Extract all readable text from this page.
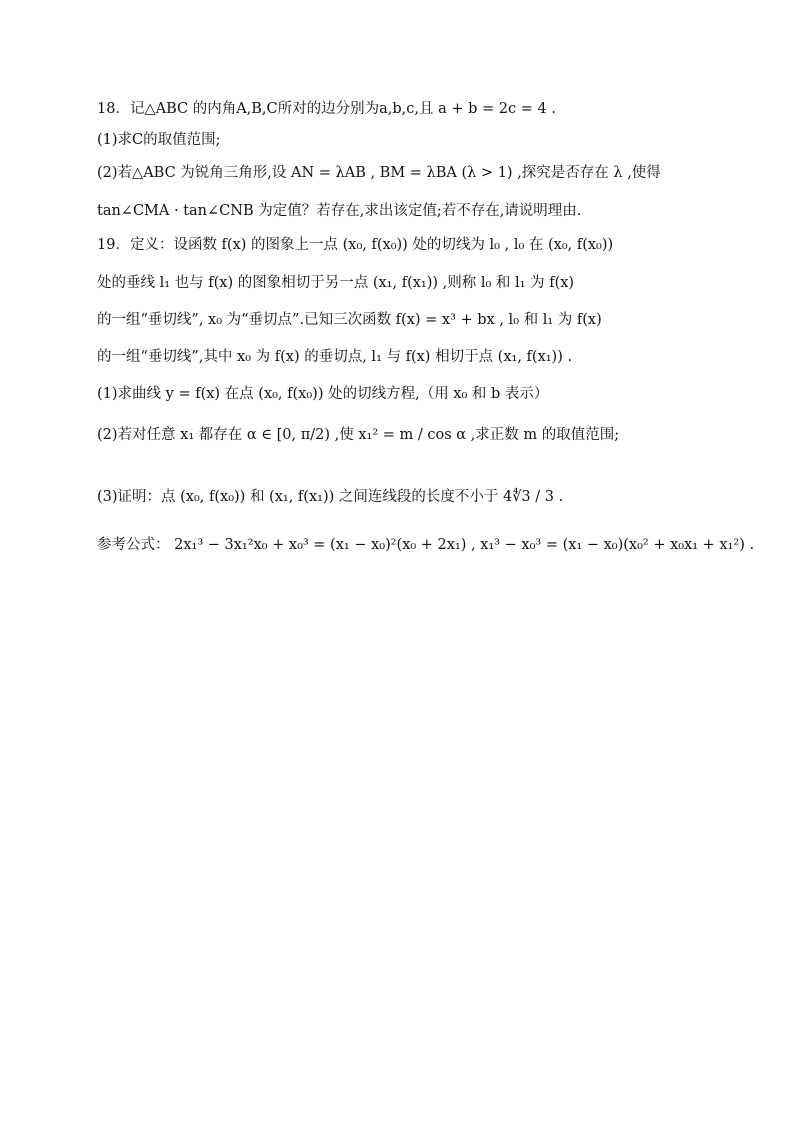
18．记△ABC 的内角A,B,C所对的边分别为a,b,c,且 a + b = 2c = 4 .
(1)求C的取值范围;
(2)若△ABC 为锐角三角形,设 AN = λAB , BM = λBA (λ > 1) ,探究是否存在 λ ,使得
tan∠CMA · tan∠CNB 为定值？若存在,求出该定值;若不存在,请说明理由.
19．定义：设函数 f(x) 的图象上一点 (x₀, f(x₀)) 处的切线为 l₀ , l₀ 在 (x₀, f(x₀))
处的垂线 l₁ 也与 f(x) 的图象相切于另一点 (x₁, f(x₁)) ,则称 l₀ 和 l₁ 为 f(x)
的一组“垂切线”, x₀ 为“垂切点”.已知三次函数 f(x) = x³ + bx , l₀ 和 l₁ 为 f(x)
的一组“垂切线”,其中 x₀ 为 f(x) 的垂切点, l₁ 与 f(x) 相切于点 (x₁, f(x₁)) .
(1)求曲线 y = f(x) 在点 (x₀, f(x₀)) 处的切线方程,（用 x₀ 和 b 表示）
(2)若对任意 x₁ 都存在 α ∈ [0, π/2) ,使 x₁² = m / cos α ,求正数 m 的取值范围;
(3)证明：点 (x₀, f(x₀)) 和 (x₁, f(x₁)) 之间连线段的长度不小于 4∜3 / 3 .
参考公式： 2x₁³ − 3x₁²x₀ + x₀³ = (x₁ − x₀)²(x₀ + 2x₁) , x₁³ − x₀³ = (x₁ − x₀)(x₀² + x₀x₁ + x₁²) .
